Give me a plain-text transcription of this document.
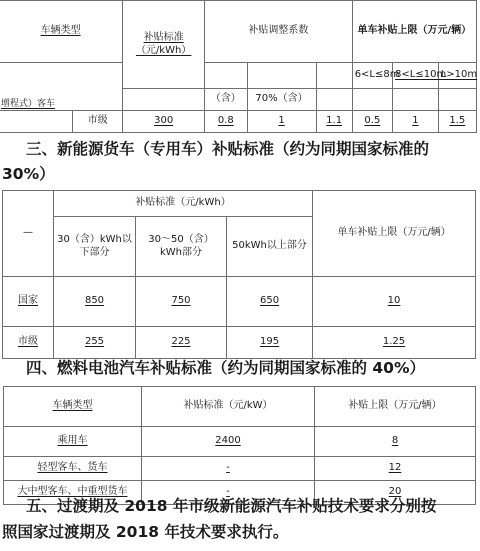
车辆类型		补贴标准（元/kWh）	补贴调整系数			单车补贴上限（万元/辆）		
增程式）客车						6<L≤8m	8<L≤10m	L>10m
			（含）	70%（含）				
	市级	300	0.8	1	1.1	0.5	1	1.5
三、新能源货车（专用车）补贴标准（约为同期国家标准的
30%）
—	补贴标准（元/kWh）			单车补贴上限（万元/辆）
	30（含）kWh以下部分	30～50（含）kWh部分	50kWh以上部分	
国家	850	750	650	10
市级	255	225	195	1.25
四、燃料电池汽车补贴标准（约为同期国家标准的 40%）
车辆类型	补贴标准（元/kW）	补贴上限（万元/辆）
乘用车	2400	8
轻型客车、货车	-	12
大中型客车、中重型货车	-	20
五、过渡期及 2018 年市级新能源汽车补贴技术要求分别按
照国家过渡期及 2018 年技术要求执行。
